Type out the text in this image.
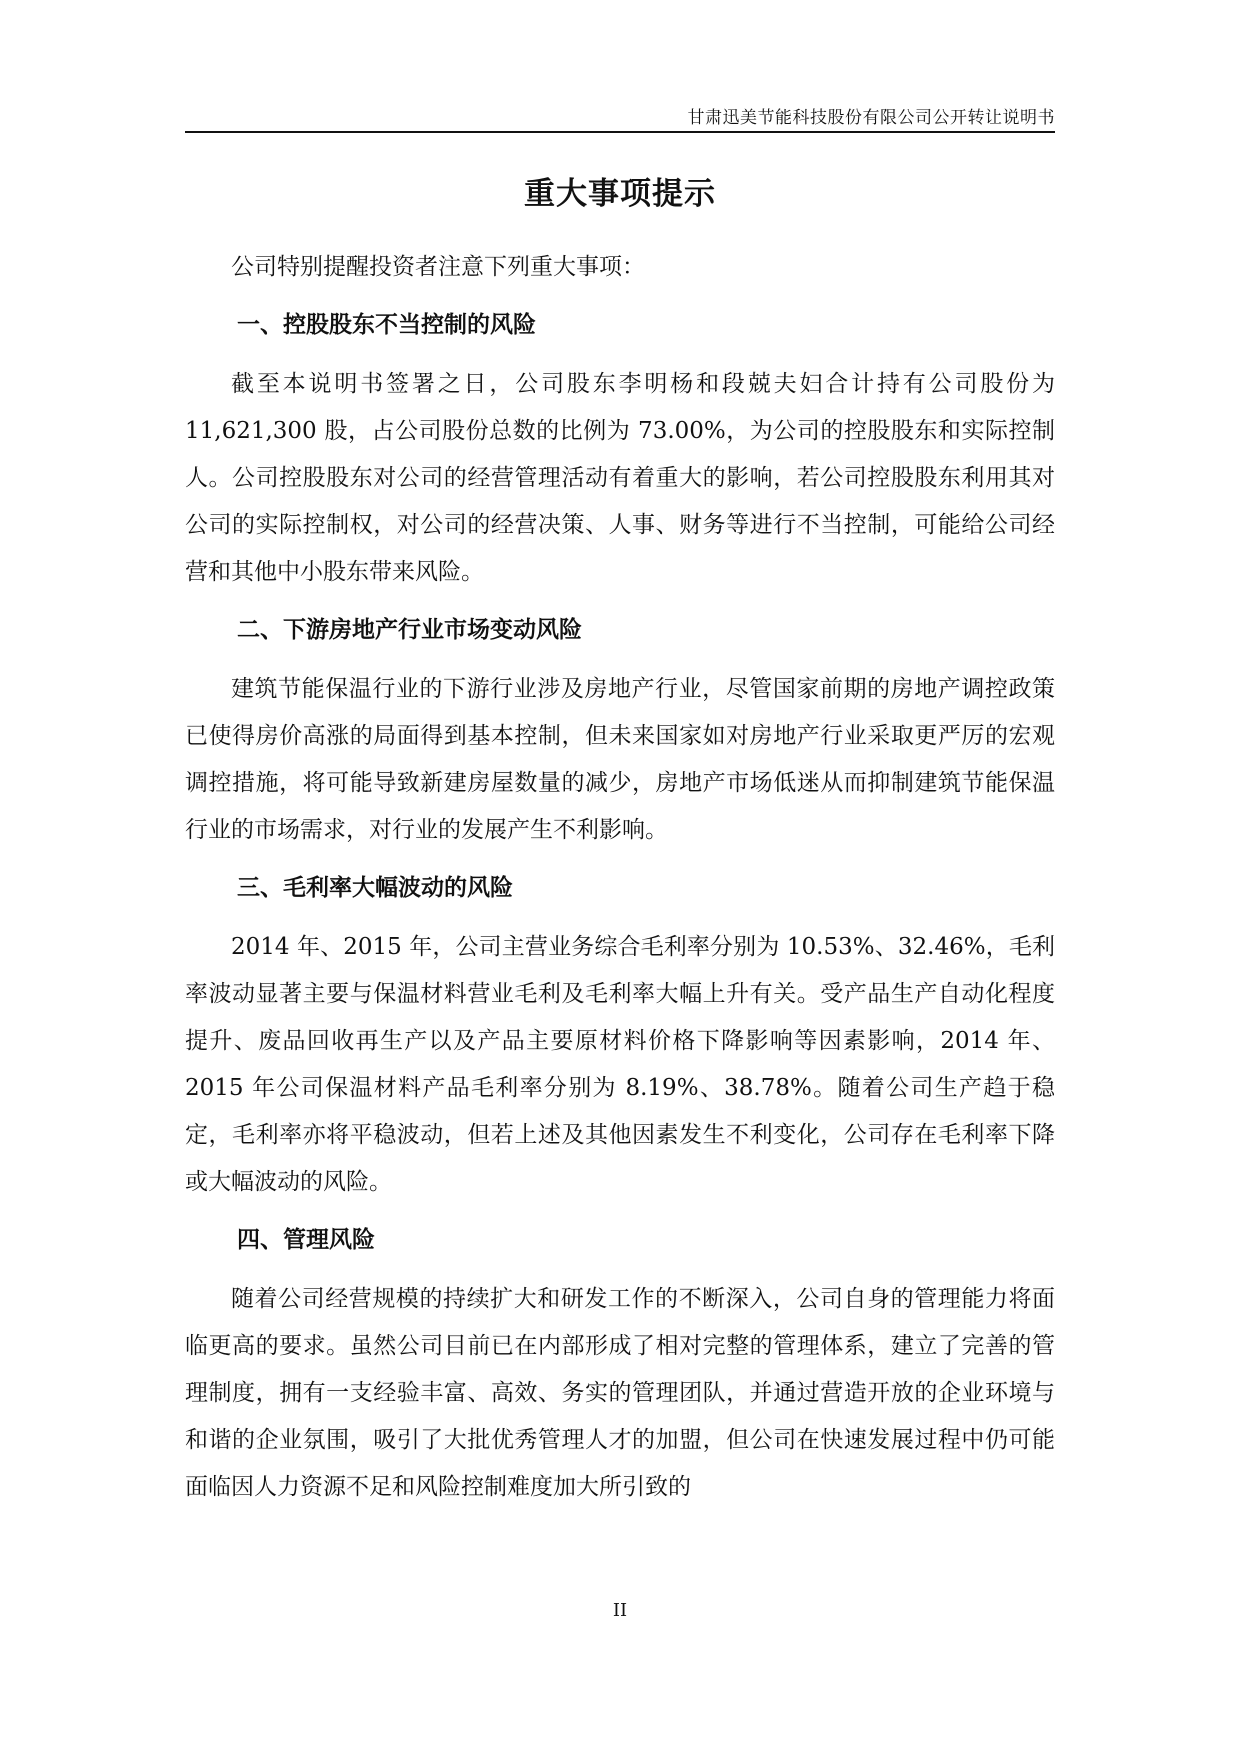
甘肃迅美节能科技股份有限公司公开转让说明书
重大事项提示

公司特别提醒投资者注意下列重大事项：

一、控股股东不当控制的风险

截至本说明书签署之日，公司股东李明杨和段兢夫妇合计持有公司股份为11,621,300 股，占公司股份总数的比例为 73.00%，为公司的控股股东和实际控制人。公司控股股东对公司的经营管理活动有着重大的影响，若公司控股股东利用其对公司的实际控制权，对公司的经营决策、人事、财务等进行不当控制，可能给公司经营和其他中小股东带来风险。

二、下游房地产行业市场变动风险

建筑节能保温行业的下游行业涉及房地产行业，尽管国家前期的房地产调控政策已使得房价高涨的局面得到基本控制，但未来国家如对房地产行业采取更严厉的宏观调控措施，将可能导致新建房屋数量的减少，房地产市场低迷从而抑制建筑节能保温行业的市场需求，对行业的发展产生不利影响。

三、毛利率大幅波动的风险

2014 年、2015 年，公司主营业务综合毛利率分别为 10.53%、32.46%，毛利率波动显著主要与保温材料营业毛利及毛利率大幅上升有关。受产品生产自动化程度提升、废品回收再生产以及产品主要原材料价格下降影响等因素影响，2014 年、2015 年公司保温材料产品毛利率分别为 8.19%、38.78%。随着公司生产趋于稳定，毛利率亦将平稳波动，但若上述及其他因素发生不利变化，公司存在毛利率下降或大幅波动的风险。

四、管理风险

随着公司经营规模的持续扩大和研发工作的不断深入，公司自身的管理能力将面临更高的要求。虽然公司目前已在内部形成了相对完整的管理体系，建立了完善的管理制度，拥有一支经验丰富、高效、务实的管理团队，并通过营造开放的企业环境与和谐的企业氛围，吸引了大批优秀管理人才的加盟，但公司在快速发展过程中仍可能面临因人力资源不足和风险控制难度加大所引致的

II
